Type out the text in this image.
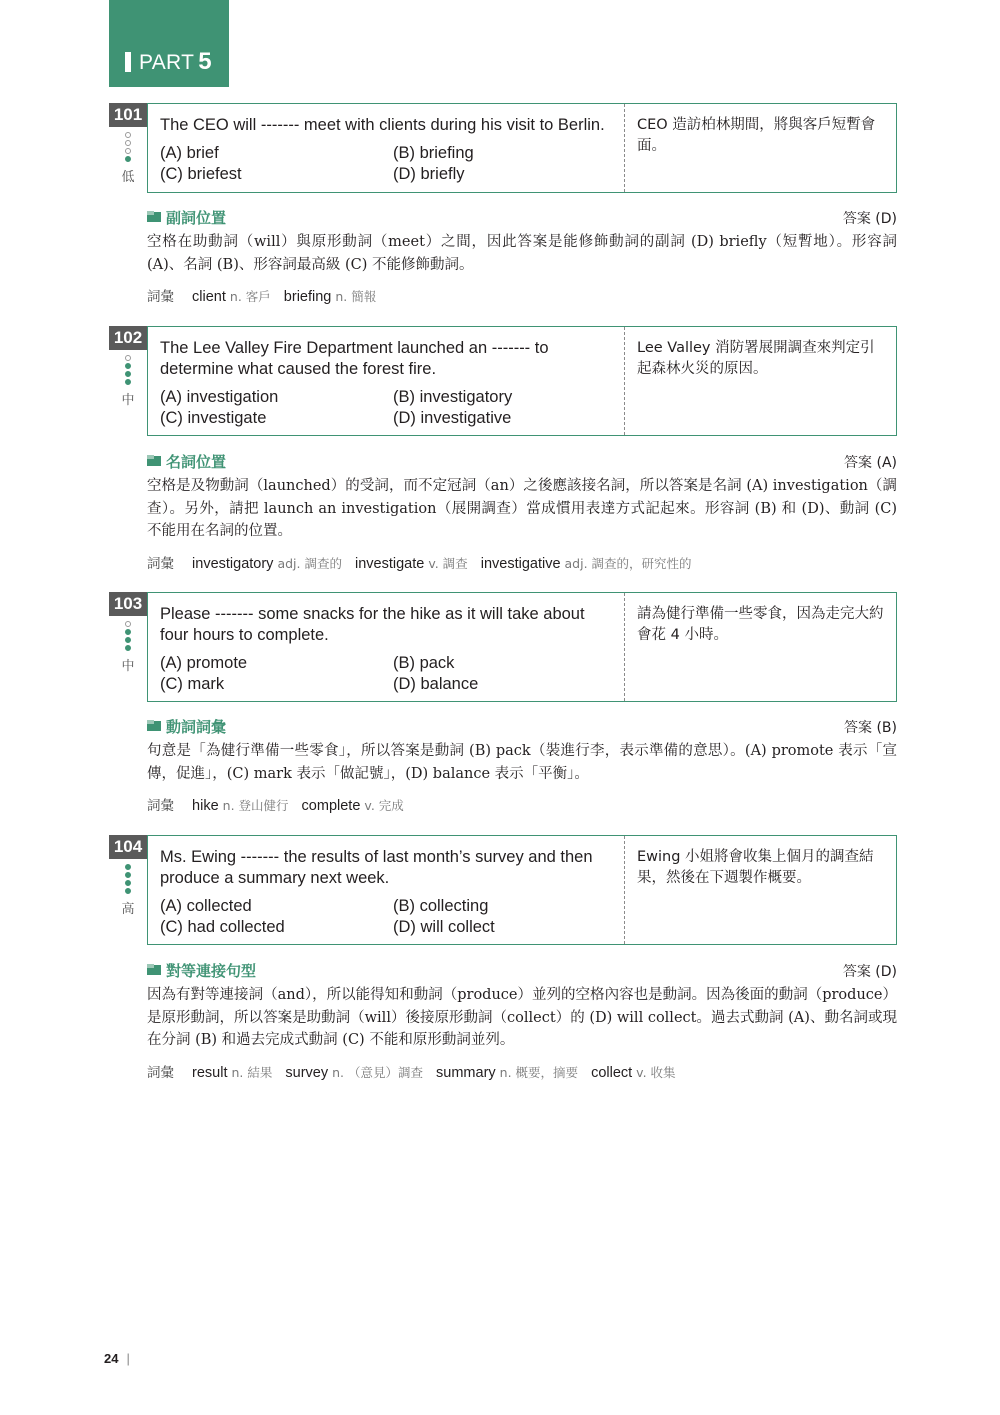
PART 5
101
低
The CEO will ------- meet with clients during his visit to Berlin.
(A) brief	(B) briefing
(C) briefest	(D) briefly
CEO 造訪柏林期間，將與客戶短暫會面。
副詞位置	答案 (D)
空格在助動詞（will）與原形動詞（meet）之間，因此答案是能修飾動詞的副詞 (D) briefly（短暫地）。形容詞 (A)、名詞 (B)、形容詞最高級 (C) 不能修飾動詞。
詞彙 client n. 客戶 briefing n. 簡報
102
中
The Lee Valley Fire Department launched an ------- to determine what caused the forest fire.
(A) investigation	(B) investigatory
(C) investigate	(D) investigative
Lee Valley 消防署展開調查來判定引起森林火災的原因。
名詞位置	答案 (A)
空格是及物動詞（launched）的受詞，而不定冠詞（an）之後應該接名詞，所以答案是名詞 (A) investigation（調查）。另外，請把 launch an investigation（展開調查）當成慣用表達方式記起來。形容詞 (B) 和 (D)、動詞 (C) 不能用在名詞的位置。
詞彙 investigatory adj. 調查的 investigate v. 調查 investigative adj. 調查的，研究性的
103
中
Please ------- some snacks for the hike as it will take about four hours to complete.
(A) promote	(B) pack
(C) mark	(D) balance
請為健行準備一些零食，因為走完大約會花 4 小時。
動詞詞彙	答案 (B)
句意是「為健行準備一些零食」，所以答案是動詞 (B) pack（裝進行李，表示準備的意思）。(A) promote 表示「宣傳，促進」，(C) mark 表示「做記號」，(D) balance 表示「平衡」。
詞彙 hike n. 登山健行 complete v. 完成
104
高
Ms. Ewing ------- the results of last month’s survey and then produce a summary next week.
(A) collected	(B) collecting
(C) had collected	(D) will collect
Ewing 小姐將會收集上個月的調查結果，然後在下週製作概要。
對等連接句型	答案 (D)
因為有對等連接詞（and），所以能得知和動詞（produce）並列的空格內容也是動詞。因為後面的動詞（produce）是原形動詞，所以答案是助動詞（will）後接原形動詞（collect）的 (D) will collect。過去式動詞 (A)、動名詞或現在分詞 (B) 和過去完成式動詞 (C) 不能和原形動詞並列。
詞彙 result n. 結果 survey n. （意見）調查 summary n. 概要，摘要 collect v. 收集
24 |
